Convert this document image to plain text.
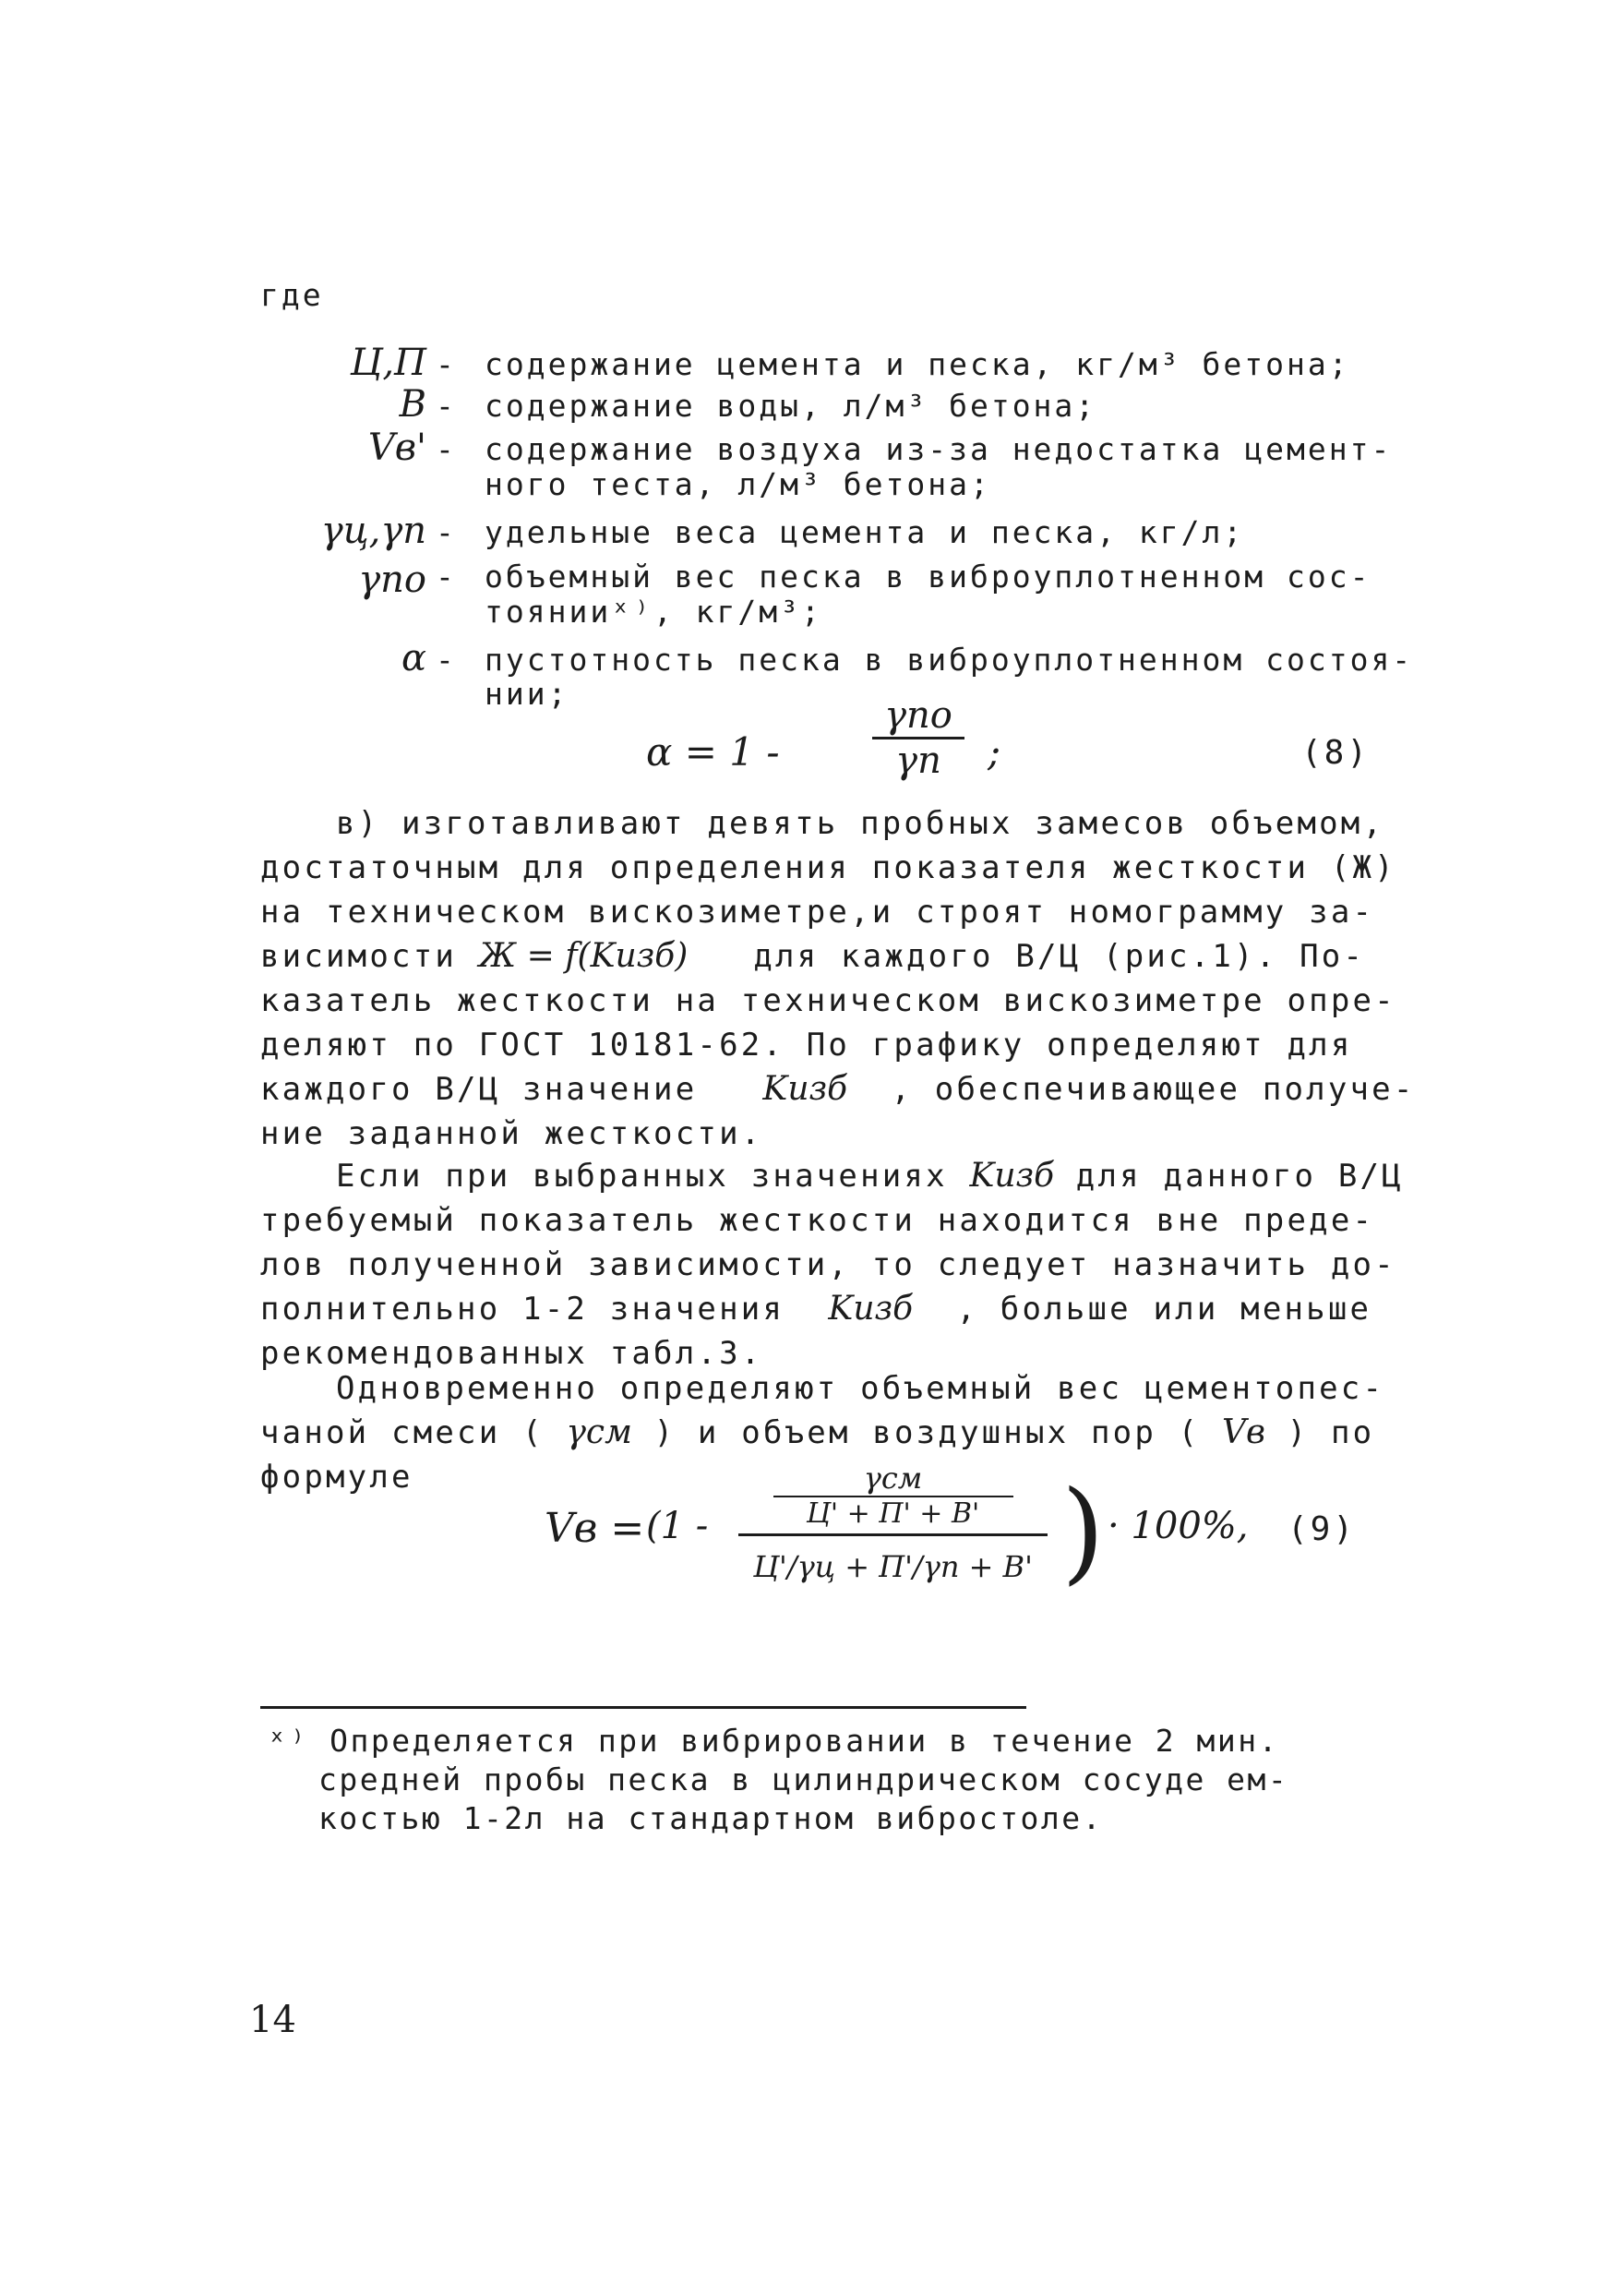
где
Ц,П - содержание цемента и песка, кг/м³ бетона;
В - содержание воды, л/м³ бетона;
Vв' - содержание воздуха из-за недостатка цемент-
ного теста, л/м³ бетона;
γц,γп - удельные веса цемента и песка, кг/л;
γпо - объемный вес песка в виброуплотненном сос-
тоянииˣ⁾, кг/м³;
α - пустотность песка в виброуплотненном состоя-
нии;
α = 1 -
γпо
γп	;	(8)
в) изготавливают девять пробных замесов объемом,
достаточным для определения показателя жесткости (Ж)
на техническом вискозиметре,и строят номограмму за-
висимости Ж = f(Kизб) для каждого В/Ц (рис.1). По-
казатель жесткости на техническом вискозиметре опре-
деляют по ГОСТ 10181-62. По графику определяют для
каждого В/Ц значение Kизб , обеспечивающее получе-
ние заданной жесткости.
Если при выбранных значениях Kизб для данного В/Ц
требуемый показатель жесткости находится вне преде-
лов полученной зависимости, то следует назначить до-
полнительно 1-2 значения Kизб , больше или меньше
рекомендованных табл.3.
Одновременно определяют объемный вес цементопес-
чаной смеси ( γсм ) и объем воздушных пор ( Vв ) по
формуле
Vв = (1 -
γсм
Ц' + П' + В'
Ц'/γц + П'/γп + В' ) · 100%, (9)
ˣ⁾ Определяется при вибрировании в течение 2 мин.
средней пробы песка в цилиндрическом сосуде ем-
костью 1-2л на стандартном вибростоле.
14
